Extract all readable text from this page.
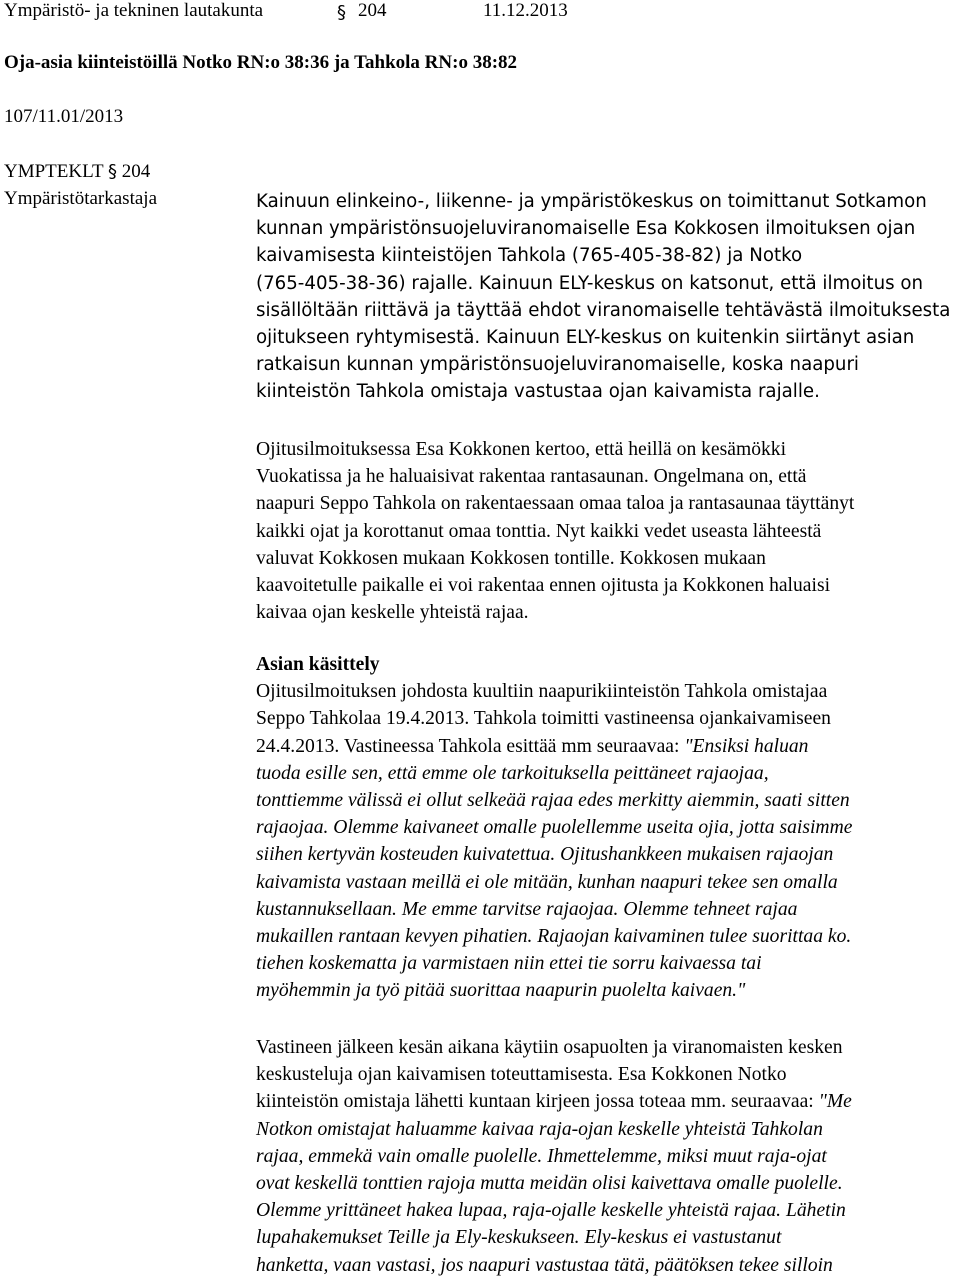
Ympäristö- ja tekninen lautakunta	§ 204	11.12.2013
Oja-asia kiinteistöillä Notko RN:o 38:36 ja Tahkola RN:o 38:82
107/11.01/2013
YMPTEKLT § 204
Ympäristötarkastaja	Kainuun elinkeino-, liikenne- ja ympäristökeskus on toimittanut Sotkamon
kunnan ympäristönsuojeluviranomaiselle Esa Kokkosen ilmoituksen ojan
kaivamisesta kiinteistöjen Tahkola (765-405-38-82) ja Notko
(765-405-38-36) rajalle. Kainuun ELY-keskus on katsonut, että ilmoitus on
sisällöltään riittävä ja täyttää ehdot viranomaiselle tehtävästä ilmoituksesta
ojitukseen ryhtymisestä. Kainuun ELY-keskus on kuitenkin siirtänyt asian
ratkaisun kunnan ympäristönsuojeluviranomaiselle, koska naapuri
kiinteistön Tahkola omistaja vastustaa ojan kaivamista rajalle.
Ojitusilmoituksessa Esa Kokkonen kertoo, että heillä on kesämökki
Vuokatissa ja he haluaisivat rakentaa rantasaunan. Ongelmana on, että
naapuri Seppo Tahkola on rakentaessaan omaa taloa ja rantasaunaa täyttänyt
kaikki ojat ja korottanut omaa tonttia. Nyt kaikki vedet useasta lähteestä
valuvat Kokkosen mukaan Kokkosen tontille. Kokkosen mukaan
kaavoitetulle paikalle ei voi rakentaa ennen ojitusta ja Kokkonen haluaisi
kaivaa ojan keskelle yhteistä rajaa.
Asian käsittely
Ojitusilmoituksen johdosta kuultiin naapurikiinteistön Tahkola omistajaa
Seppo Tahkolaa 19.4.2013. Tahkola toimitti vastineensa ojankaivamiseen
24.4.2013. Vastineessa Tahkola esittää mm seuraavaa: "Ensiksi haluan
tuoda esille sen, että emme ole tarkoituksella peittäneet rajaojaa,
tonttiemme välissä ei ollut selkeää rajaa edes merkitty aiemmin, saati sitten
rajaojaa. Olemme kaivaneet omalle puolellemme useita ojia, jotta saisimme
siihen kertyvän kosteuden kuivatettua. Ojitushankkeen mukaisen rajaojan
kaivamista vastaan meillä ei ole mitään, kunhan naapuri tekee sen omalla
kustannuksellaan. Me emme tarvitse rajaojaa. Olemme tehneet rajaa
mukaillen rantaan kevyen pihatien. Rajaojan kaivaminen tulee suorittaa ko.
tiehen koskematta ja varmistaen niin ettei tie sorru kaivaessa tai
myöhemmin ja työ pitää suorittaa naapurin puolelta kaivaen."
Vastineen jälkeen kesän aikana käytiin osapuolten ja viranomaisten kesken
keskusteluja ojan kaivamisen toteuttamisesta. Esa Kokkonen Notko
kiinteistön omistaja lähetti kuntaan kirjeen jossa toteaa mm. seuraavaa: "Me
Notkon omistajat haluamme kaivaa raja-ojan keskelle yhteistä Tahkolan
rajaa, emmekä vain omalle puolelle. Ihmettelemme, miksi muut raja-ojat
ovat keskellä tonttien rajoja mutta meidän olisi kaivettava omalle puolelle.
Olemme yrittäneet hakea lupaa, raja-ojalle keskelle yhteistä rajaa. Lähetin
lupahakemukset Teille ja Ely-keskukseen. Ely-keskus ei vastustanut
hanketta, vaan vastasi, jos naapuri vastustaa tätä, päätöksen tekee silloin
